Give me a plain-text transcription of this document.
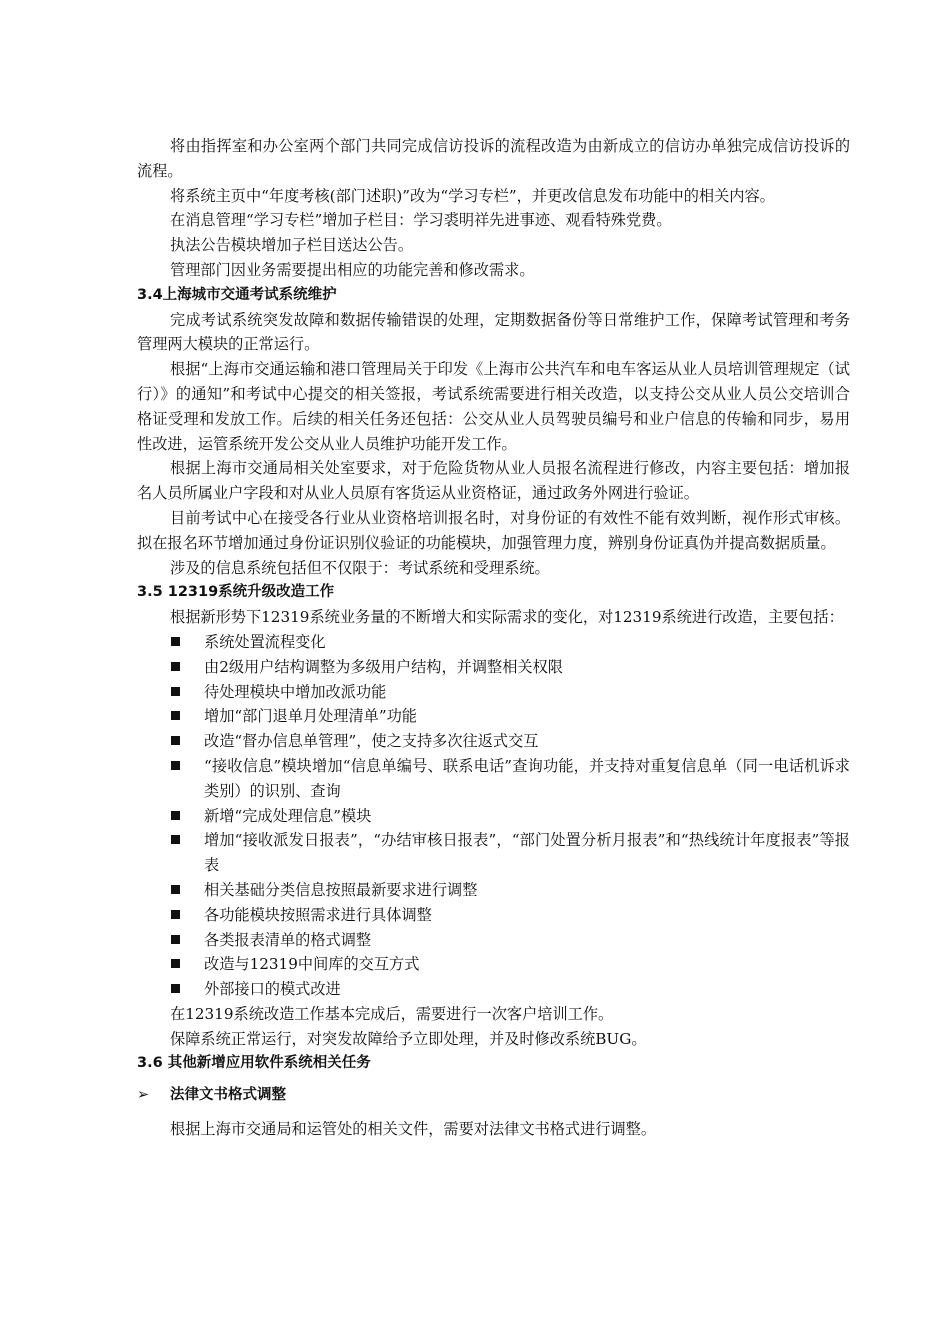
将由指挥室和办公室两个部门共同完成信访投诉的流程改造为由新成立的信访办单独完成信访投诉的流程。

将系统主页中“年度考核(部门述职)”改为“学习专栏”，并更改信息发布功能中的相关内容。

在消息管理“学习专栏”增加子栏目：学习裘明祥先进事迹、观看特殊党费。

执法公告模块增加子栏目送达公告。

管理部门因业务需要提出相应的功能完善和修改需求。

3.4上海城市交通考试系统维护

完成考试系统突发故障和数据传输错误的处理，定期数据备份等日常维护工作，保障考试管理和考务管理两大模块的正常运行。

根据“上海市交通运输和港口管理局关于印发《上海市公共汽车和电车客运从业人员培训管理规定（试行）》的通知”和考试中心提交的相关签报，考试系统需要进行相关改造，以支持公交从业人员公交培训合格证受理和发放工作。后续的相关任务还包括：公交从业人员驾驶员编号和业户信息的传输和同步，易用性改进，运管系统开发公交从业人员维护功能开发工作。

根据上海市交通局相关处室要求，对于危险货物从业人员报名流程进行修改，内容主要包括：增加报名人员所属业户字段和对从业人员原有客货运从业资格证，通过政务外网进行验证。

目前考试中心在接受各行业从业资格培训报名时，对身份证的有效性不能有效判断，视作形式审核。拟在报名环节增加通过身份证识别仪验证的功能模块，加强管理力度，辨别身份证真伪并提高数据质量。

涉及的信息系统包括但不仅限于：考试系统和受理系统。

3.5 12319系统升级改造工作

根据新形势下12319系统业务量的不断增大和实际需求的变化，对12319系统进行改造，主要包括：

系统处置流程变化
由2级用户结构调整为多级用户结构，并调整相关权限
待处理模块中增加改派功能
增加“部门退单月处理清单”功能
改造“督办信息单管理”，使之支持多次往返式交互
“接收信息”模块增加“信息单编号、联系电话”查询功能，并支持对重复信息单（同一电话机诉求类别）的识别、查询
新增“完成处理信息”模块
增加“接收派发日报表”，“办结审核日报表”，“部门处置分析月报表”和“热线统计年度报表”等报表
相关基础分类信息按照最新要求进行调整
各功能模块按照需求进行具体调整
各类报表清单的格式调整
改造与12319中间库的交互方式
外部接口的模式改进

在12319系统改造工作基本完成后，需要进行一次客户培训工作。

保障系统正常运行，对突发故障给予立即处理，并及时修改系统BUG。

3.6 其他新增应用软件系统相关任务

➢ 法律文书格式调整

根据上海市交通局和运管处的相关文件，需要对法律文书格式进行调整。
